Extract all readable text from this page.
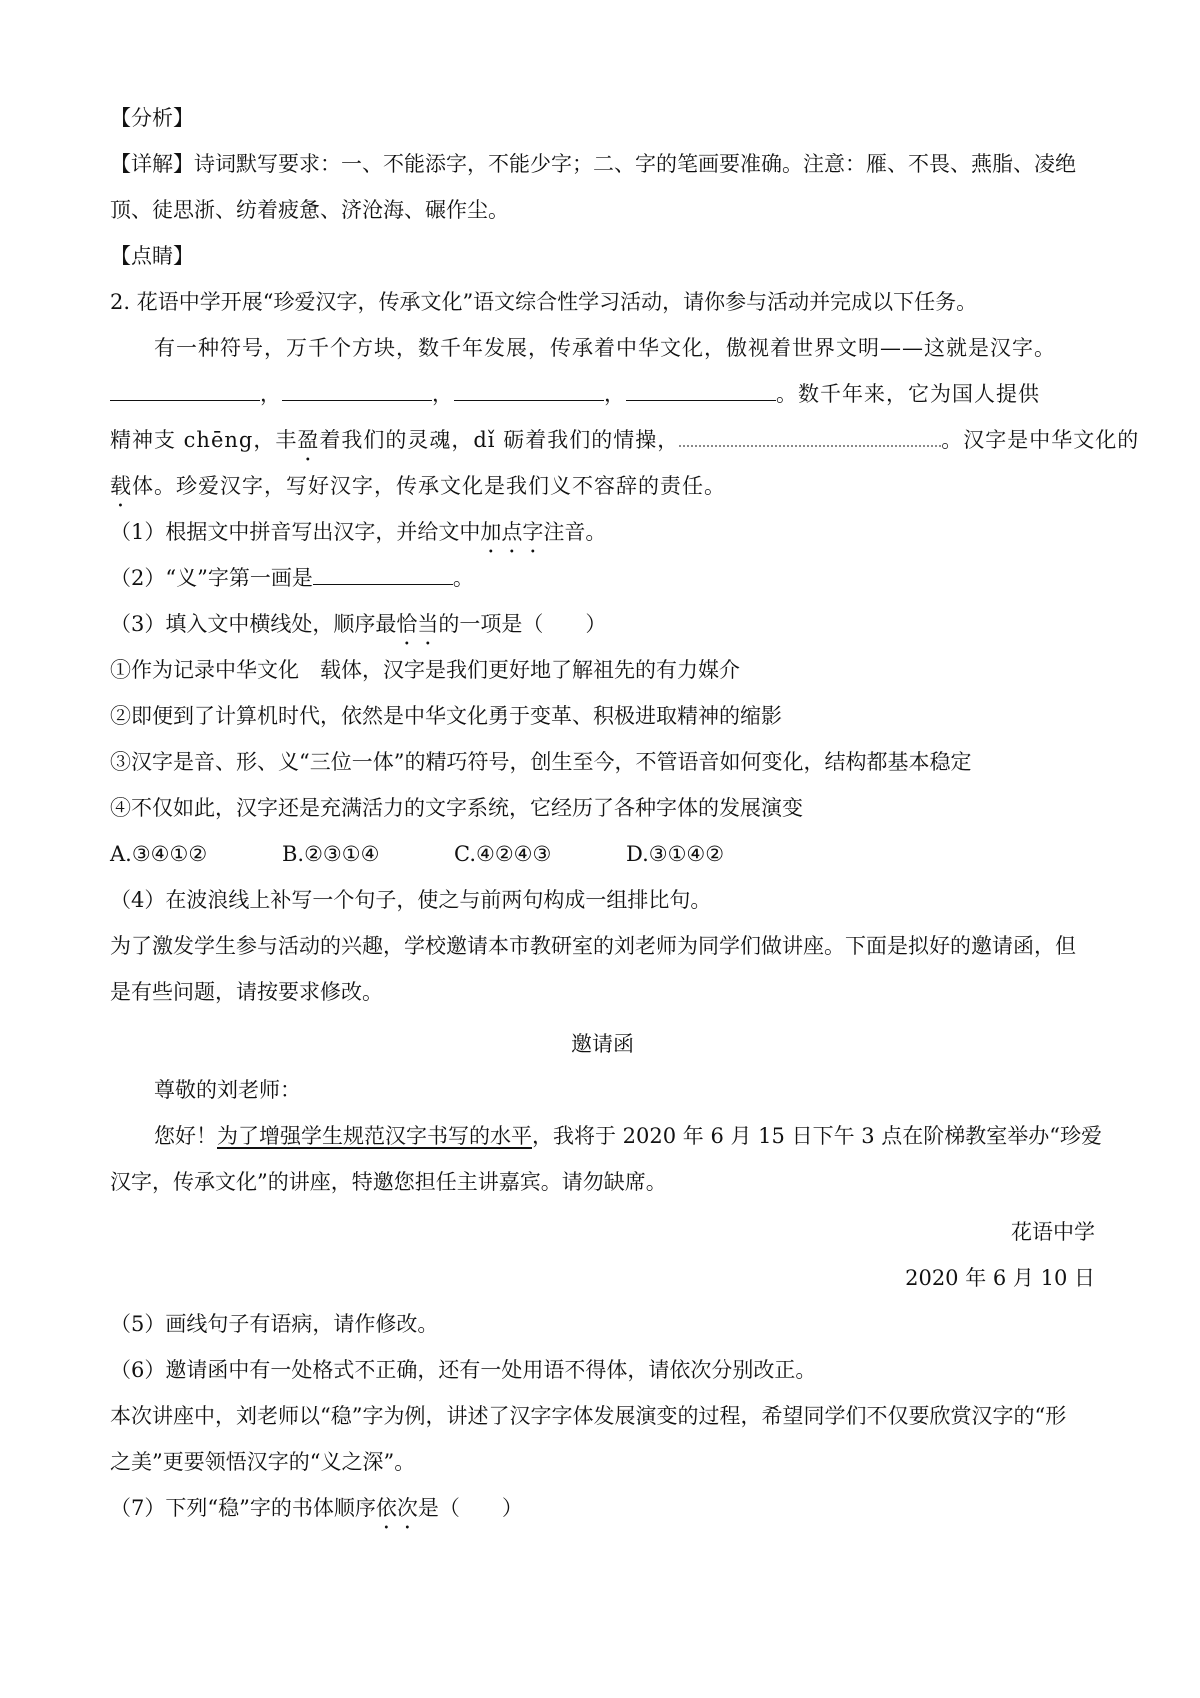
【分析】
【详解】诗词默写要求：一、不能添字，不能少字；二、字的笔画要准确。注意：雁、不畏、燕脂、凌绝
顶、徒思浙、纺着疲惫、济沧海、碾作尘。
【点睛】
2. 花语中学开展“珍爱汉字，传承文化”语文综合性学习活动，请你参与活动并完成以下任务。
有一种符号，万千个方块，数千年发展，传承着中华文化，傲视着世界文明——这就是汉字。
，	，	，	。数千年来，它为国人提供
精神支 chēng，丰盈着我们的灵魂，dǐ 砺着我们的情操，	。汉字是中华文化的
载体。珍爱汉字，写好汉字，传承文化是我们义不容辞的责任。
（1）根据文中拼音写出汉字，并给文中加点字注音。
（2）“义”字第一画是	。
（3）填入文中横线处，顺序最恰当的一项是（　　）
①作为记录中华文化　载体，汉字是我们更好地了解祖先的有力媒介
②即便到了计算机时代，依然是中华文化勇于变革、积极进取精神的缩影
③汉字是音、形、义“三位一体”的精巧符号，创生至今，不管语音如何变化，结构都基本稳定
④不仅如此，汉字还是充满活力的文字系统，它经历了各种字体的发展演变
A.③④①②	B.②③①④	C.④②④③	D.③①④②
（4）在波浪线上补写一个句子，使之与前两句构成一组排比句。
为了激发学生参与活动的兴趣，学校邀请本市教研室的刘老师为同学们做讲座。下面是拟好的邀请函，但
是有些问题，请按要求修改。
邀请函
尊敬的刘老师：
您好！为了增强学生规范汉字书写的水平，我将于 2020 年 6 月 15 日下午 3 点在阶梯教室举办“珍爱
汉字，传承文化”的讲座，特邀您担任主讲嘉宾。请勿缺席。
花语中学
2020 年 6 月 10 日
（5）画线句子有语病，请作修改。
（6）邀请函中有一处格式不正确，还有一处用语不得体，请依次分别改正。
本次讲座中，刘老师以“稳”字为例，讲述了汉字字体发展演变的过程，希望同学们不仅要欣赏汉字的“形
之美”更要领悟汉字的“义之深”。
（7）下列“稳”字的书体顺序依次是（　　）
